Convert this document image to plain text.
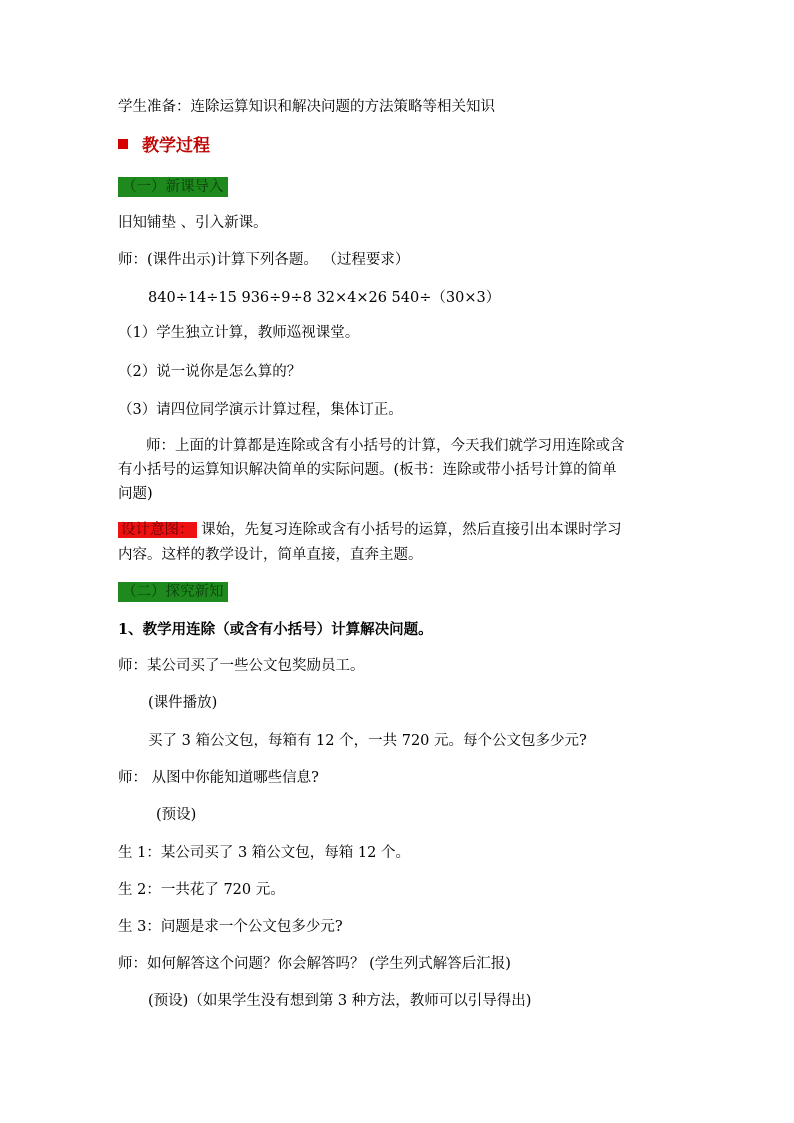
学生准备：连除运算知识和解决问题的方法策略等相关知识
教学过程
（一）新课导入
旧知铺垫 、引入新课。
师：(课件出示)计算下列各题。 （过程要求）
840÷14÷15 936÷9÷8 32×4×26 540÷（30×3）
（1）学生独立计算，教师巡视课堂。
（2）说一说你是怎么算的？
（3）请四位同学演示计算过程，集体订正。
师：上面的计算都是连除或含有小括号的计算，今天我们就学习用连除或含
有小括号的运算知识解决简单的实际问题。(板书：连除或带小括号计算的简单
问题)
设计意图： 课始，先复习连除或含有小括号的运算，然后直接引出本课时学习
内容。这样的教学设计，简单直接，直奔主题。
（二）探究新知
1、教学用连除（或含有小括号）计算解决问题。
师：某公司买了一些公文包奖励员工。
(课件播放)
买了 3 箱公文包，每箱有 12 个，一共 720 元。每个公文包多少元?
师： 从图中你能知道哪些信息?
(预设)
生 1：某公司买了 3 箱公文包，每箱 12 个。
生 2：一共花了 720 元。
生 3：问题是求一个公文包多少元?
师：如何解答这个问题？你会解答吗？ (学生列式解答后汇报)
(预设)（如果学生没有想到第 3 种方法，教师可以引导得出)
